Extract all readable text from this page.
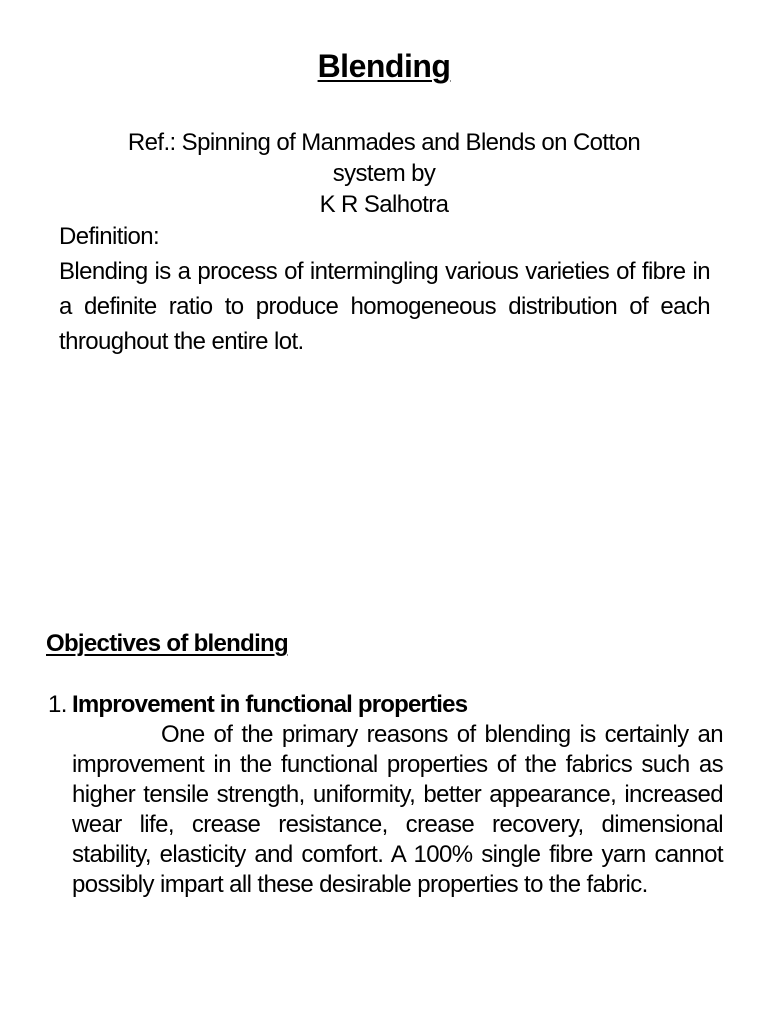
Blending
Ref.: Spinning of Manmades and Blends on Cotton
system by
K R Salhotra
Definition:
Blending is a process of intermingling various varieties of fibre in a definite ratio to produce homogeneous distribution of each throughout the entire lot.
Objectives of blending
1. Improvement in functional properties
One of the primary reasons of blending is certainly an improvement in the functional properties of the fabrics such as higher tensile strength, uniformity, better appearance, increased wear life, crease resistance, crease recovery, dimensional stability, elasticity and comfort. A 100% single fibre yarn cannot possibly impart all these desirable properties to the fabric.
